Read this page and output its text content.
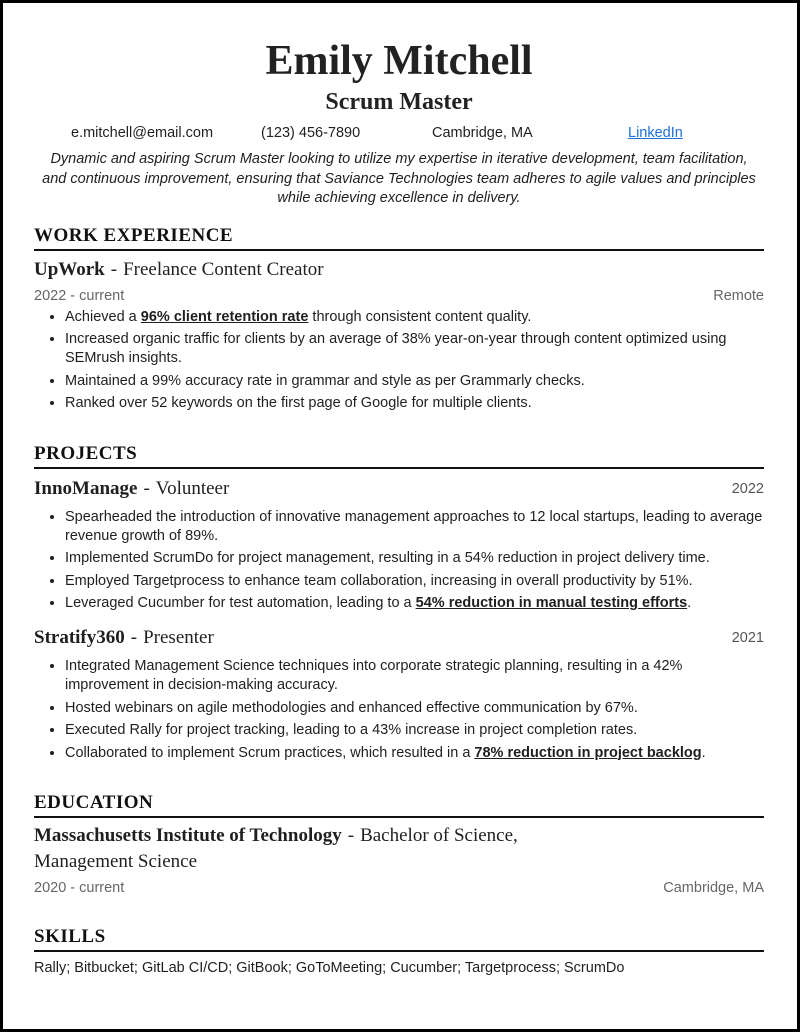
Emily Mitchell
Scrum Master
e.mitchell@email.com	(123) 456-7890	Cambridge, MA	LinkedIn
Dynamic and aspiring Scrum Master looking to utilize my expertise in iterative development, team facilitation, and continuous improvement, ensuring that Saviance Technologies team adheres to agile values and principles while achieving excellence in delivery.
WORK EXPERIENCE
UpWork - Freelance Content Creator
2022 - current	Remote
• Achieved a 96% client retention rate through consistent content quality.
• Increased organic traffic for clients by an average of 38% year-on-year through content optimized using SEMrush insights.
• Maintained a 99% accuracy rate in grammar and style as per Grammarly checks.
• Ranked over 52 keywords on the first page of Google for multiple clients.
PROJECTS
InnoManage - Volunteer	2022
• Spearheaded the introduction of innovative management approaches to 12 local startups, leading to average revenue growth of 89%.
• Implemented ScrumDo for project management, resulting in a 54% reduction in project delivery time.
• Employed Targetprocess to enhance team collaboration, increasing in overall productivity by 51%.
• Leveraged Cucumber for test automation, leading to a 54% reduction in manual testing efforts.
Stratify360 - Presenter	2021
• Integrated Management Science techniques into corporate strategic planning, resulting in a 42% improvement in decision-making accuracy.
• Hosted webinars on agile methodologies and enhanced effective communication by 67%.
• Executed Rally for project tracking, leading to a 43% increase in project completion rates.
• Collaborated to implement Scrum practices, which resulted in a 78% reduction in project backlog.
EDUCATION
Massachusetts Institute of Technology - Bachelor of Science, Management Science
2020 - current	Cambridge, MA
SKILLS
Rally; Bitbucket; GitLab CI/CD; GitBook; GoToMeeting; Cucumber; Targetprocess; ScrumDo
